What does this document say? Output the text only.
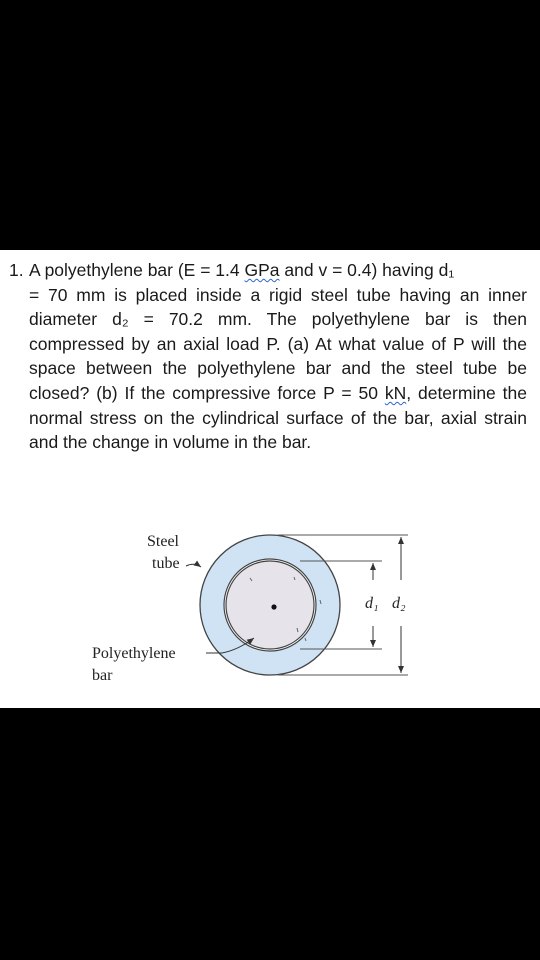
1. A polyethylene bar (E = 1.4 GPa and v = 0.4) having d₁
= 70 mm is placed inside a rigid steel tube having an inner diameter d₂ = 70.2 mm. The polyethylene bar is then compressed by an axial load P. (a) At what value of P will the space between the polyethylene bar and the steel tube be closed? (b) If the compressive force P = 50 kN, determine the normal stress on the cylindrical surface of the bar, axial strain and the change in volume in the bar.
Steel
tube
Polyethylene
bar
d₁ d₂
